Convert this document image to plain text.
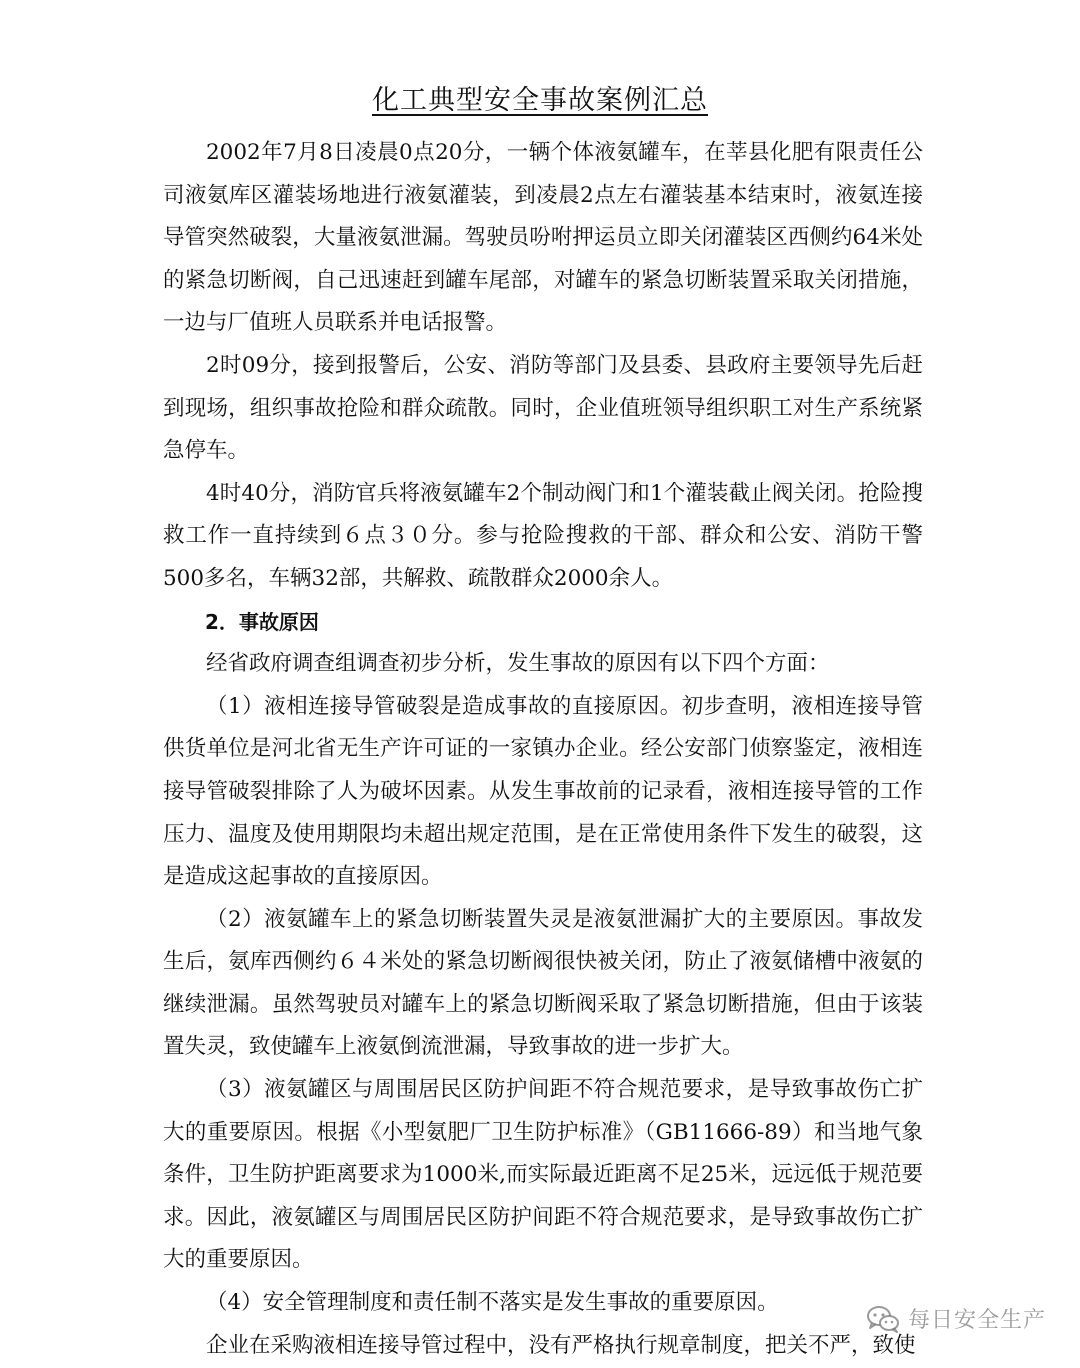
化工典型安全事故案例汇总

2002年7月8日凌晨0点20分，一辆个体液氨罐车，在莘县化肥有限责任公司液氨库区灌装场地进行液氨灌装，到凌晨2点左右灌装基本结束时，液氨连接导管突然破裂，大量液氨泄漏。驾驶员吩咐押运员立即关闭灌装区西侧约64米处的紧急切断阀，自己迅速赶到罐车尾部，对罐车的紧急切断装置采取关闭措施，一边与厂值班人员联系并电话报警。

2时09分，接到报警后，公安、消防等部门及县委、县政府主要领导先后赶到现场，组织事故抢险和群众疏散。同时，企业值班领导组织职工对生产系统紧急停车。

4时40分，消防官兵将液氨罐车2个制动阀门和1个灌装截止阀关闭。抢险搜救工作一直持续到６点３０分。参与抢险搜救的干部、群众和公安、消防干警500多名，车辆32部，共解救、疏散群众2000余人。

2．事故原因

经省政府调查组调查初步分析，发生事故的原因有以下四个方面：

（1）液相连接导管破裂是造成事故的直接原因。初步查明，液相连接导管供货单位是河北省无生产许可证的一家镇办企业。经公安部门侦察鉴定，液相连接导管破裂排除了人为破坏因素。从发生事故前的记录看，液相连接导管的工作压力、温度及使用期限均未超出规定范围，是在正常使用条件下发生的破裂，这是造成这起事故的直接原因。

（2）液氨罐车上的紧急切断装置失灵是液氨泄漏扩大的主要原因。事故发生后，氨库西侧约６４米处的紧急切断阀很快被关闭，防止了液氨储槽中液氨的继续泄漏。虽然驾驶员对罐车上的紧急切断阀采取了紧急切断措施，但由于该装置失灵，致使罐车上液氨倒流泄漏，导致事故的进一步扩大。

（3）液氨罐区与周围居民区防护间距不符合规范要求，是导致事故伤亡扩大的重要原因。根据《小型氨肥厂卫生防护标准》（GB11666-89）和当地气象条件，卫生防护距离要求为1000米,而实际最近距离不足25米，远远低于规范要求。因此，液氨罐区与周围居民区防护间距不符合规范要求，是导致事故伤亡扩大的重要原因。

（4）安全管理制度和责任制不落实是发生事故的重要原因。

企业在采购液相连接导管过程中，没有严格执行规章制度，把关不严，致使

每日安全生产
